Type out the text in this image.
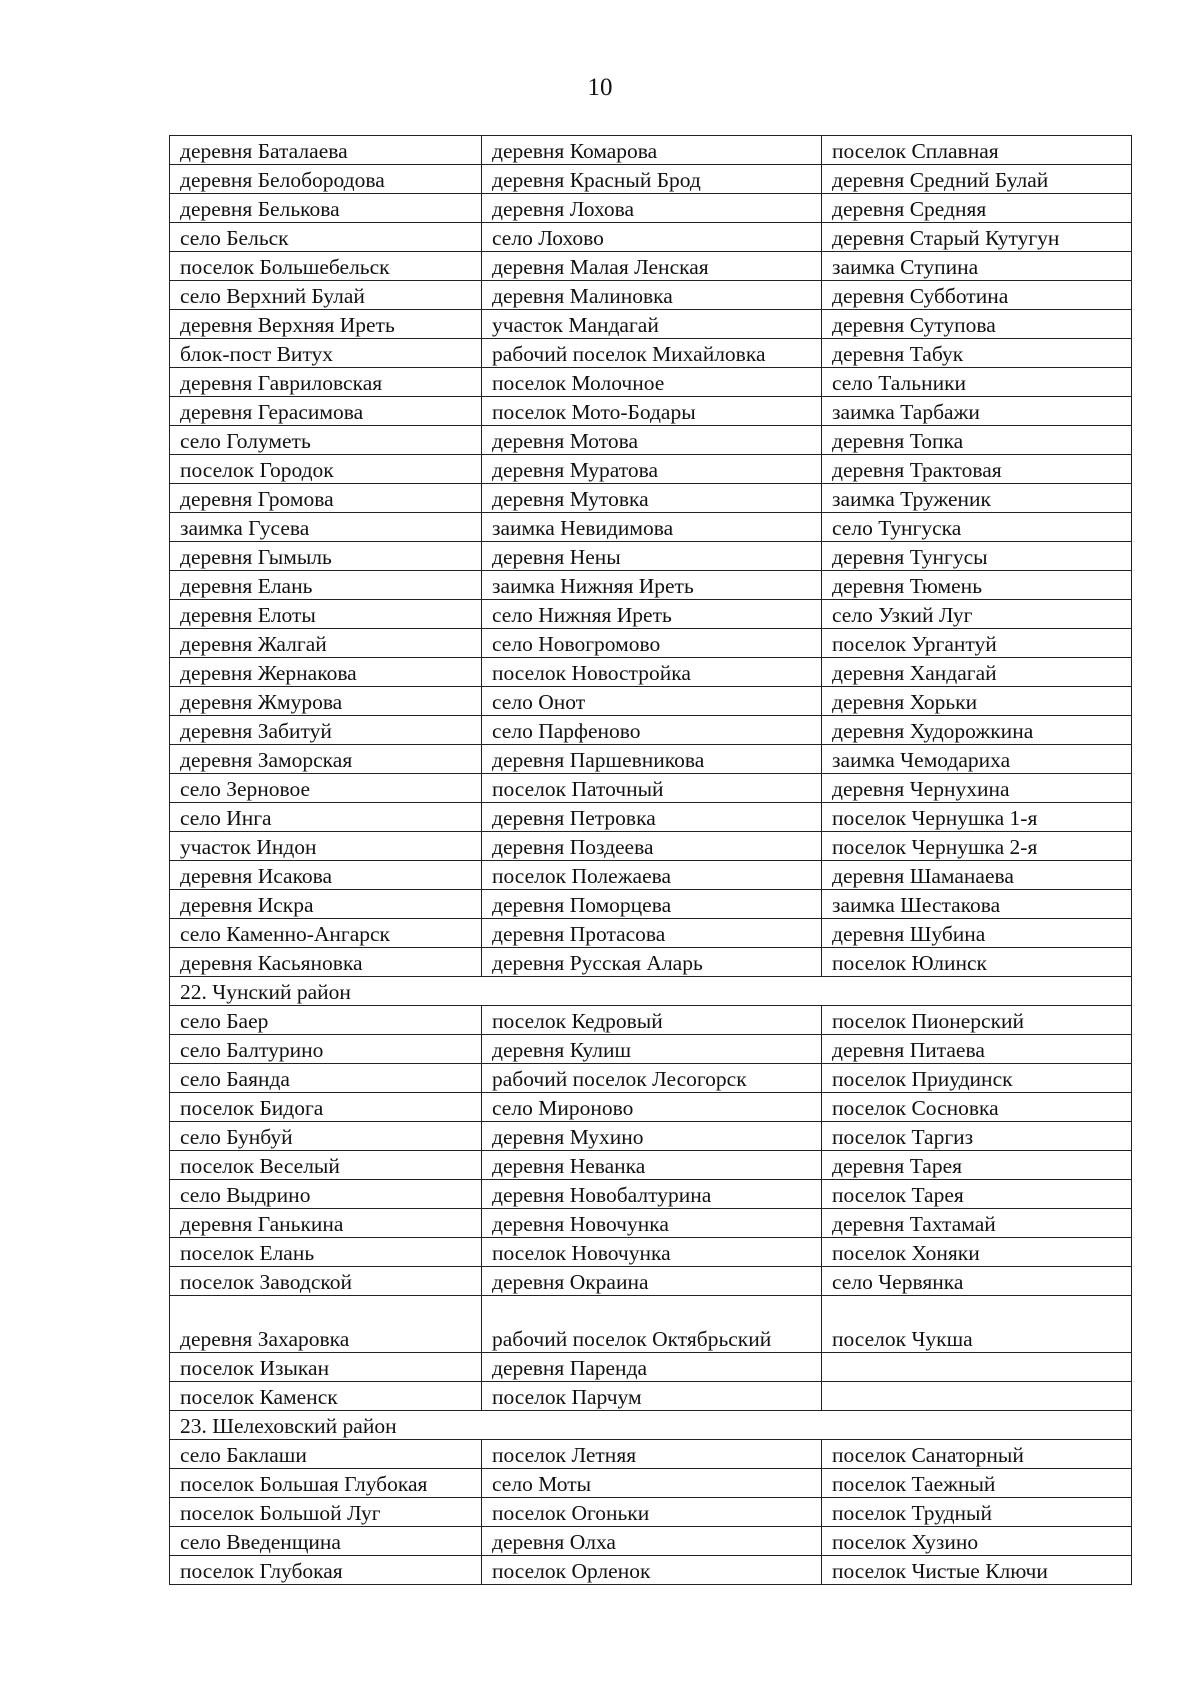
10
деревня Баталаева	деревня Комарова	поселок Сплавная
деревня Белобородова	деревня Красный Брод	деревня Средний Булай
деревня Белькова	деревня Лохова	деревня Средняя
село Бельск	село Лохово	деревня Старый Кутугун
поселок Большебельск	деревня Малая Ленская	заимка Ступина
село Верхний Булай	деревня Малиновка	деревня Субботина
деревня Верхняя Иреть	участок Мандагай	деревня Сутупова
блок-пост Витух	рабочий поселок Михайловка	деревня Табук
деревня Гавриловская	поселок Молочное	село Тальники
деревня Герасимова	поселок Мото-Бодары	заимка Тарбажи
село Голуметь	деревня Мотова	деревня Топка
поселок Городок	деревня Муратова	деревня Трактовая
деревня Громова	деревня Мутовка	заимка Труженик
заимка Гусева	заимка Невидимова	село Тунгуска
деревня Гымыль	деревня Нены	деревня Тунгусы
деревня Елань	заимка Нижняя Иреть	деревня Тюмень
деревня Елоты	село Нижняя Иреть	село Узкий Луг
деревня Жалгай	село Новогромово	поселок Ургантуй
деревня Жернакова	поселок Новостройка	деревня Хандагай
деревня Жмурова	село Онот	деревня Хорьки
деревня Забитуй	село Парфеново	деревня Худорожкина
деревня Заморская	деревня Паршевникова	заимка Чемодариха
село Зерновое	поселок Паточный	деревня Чернухина
село Инга	деревня Петровка	поселок Чернушка 1-я
участок Индон	деревня Поздеева	поселок Чернушка 2-я
деревня Исакова	поселок Полежаева	деревня Шаманаева
деревня Искра	деревня Поморцева	заимка Шестакова
село Каменно-Ангарск	деревня Протасова	деревня Шубина
деревня Касьяновка	деревня Русская Аларь	поселок Юлинск
22. Чунский район		
село Баер	поселок Кедровый	поселок Пионерский
село Балтурино	деревня Кулиш	деревня Питаева
село Баянда	рабочий поселок Лесогорск	поселок Приудинск
поселок Бидога	село Мироново	поселок Сосновка
село Бунбуй	деревня Мухино	поселок Таргиз
поселок Веселый	деревня Неванка	деревня Тарея
село Выдрино	деревня Новобалтурина	поселок Тарея
деревня Ганькина	деревня Новочунка	деревня Тахтамай
поселок Елань	поселок Новочунка	поселок Хоняки
поселок Заводской	деревня Окраина	село Червянка
деревня Захаровка	рабочий поселок Октябрьский	поселок Чукша
поселок Изыкан	деревня Паренда	
поселок Каменск	поселок Парчум	
23. Шелеховский район		
село Баклаши	поселок Летняя	поселок Санаторный
поселок Большая Глубокая	село Моты	поселок Таежный
поселок Большой Луг	поселок Огоньки	поселок Трудный
село Введенщина	деревня Олха	поселок Хузино
поселок Глубокая	поселок Орленок	поселок Чистые Ключи
